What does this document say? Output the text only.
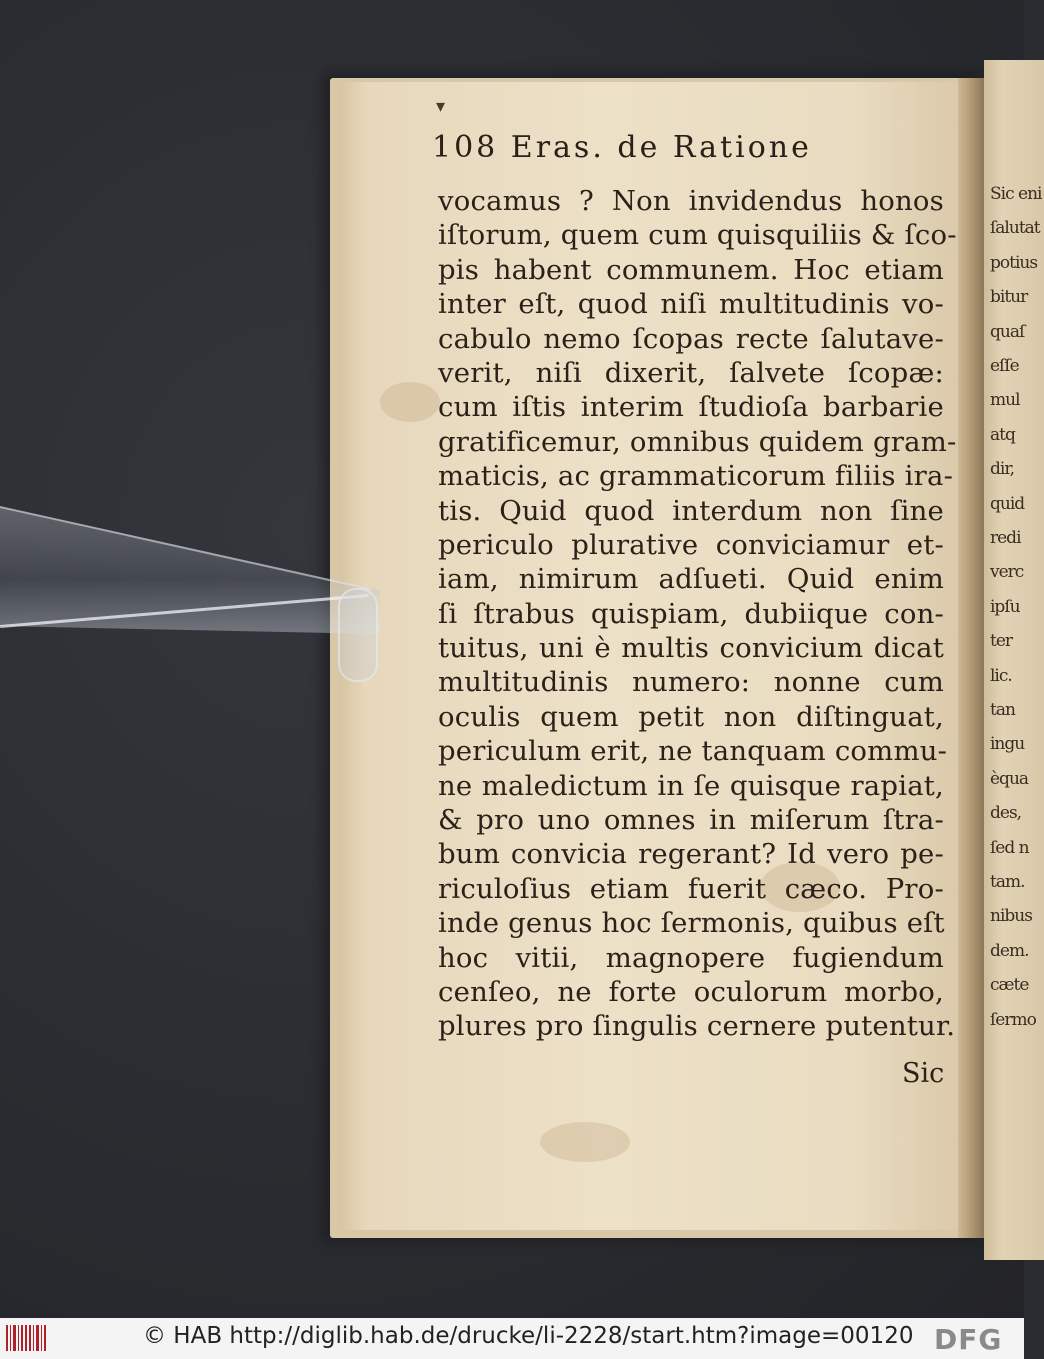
Sic eni
ſalutat
potius
bitur
quaſ
eſſe
mul
atq
dir,
quid
redi
verc
ipſu
ter
lic.
tan
ingu
èqua
des,
ſed n
tam.
nibus
dem.
cæte
ſermo
▾
108 Eras. de Ratione
vocamus ? Non invidendus honos
iſtorum, quem cum quisquiliis & ſco-
pis habent communem. Hoc etiam
inter eſt, quod niſi multitudinis vo-
cabulo nemo ſcopas recte ſalutave-
verit, niſi dixerit, ſalvete ſcopæ:
cum iſtis interim ſtudioſa barbarie
gratificemur, omnibus quidem gram-
maticis, ac grammaticorum filiis ira-
tis. Quid quod interdum non ſine
periculo plurative conviciamur et-
iam, nimirum adſueti. Quid enim
ſi ſtrabus quispiam, dubiique con-
tuitus, uni è multis convicium dicat
multitudinis numero: nonne cum
oculis quem petit non diſtinguat,
periculum erit, ne tanquam commu-
ne maledictum in ſe quisque rapiat,
& pro uno omnes in miſerum ſtra-
bum convicia regerant? Id vero pe-
riculoſius etiam fuerit cæco. Pro-
inde genus hoc ſermonis, quibus eſt
hoc vitii, magnopere fugiendum
cenſeo, ne forte oculorum morbo,
plures pro ſingulis cernere putentur.
Sic
© HAB http://diglib.hab.de/drucke/li-2228/start.htm?image=00120 DFG
